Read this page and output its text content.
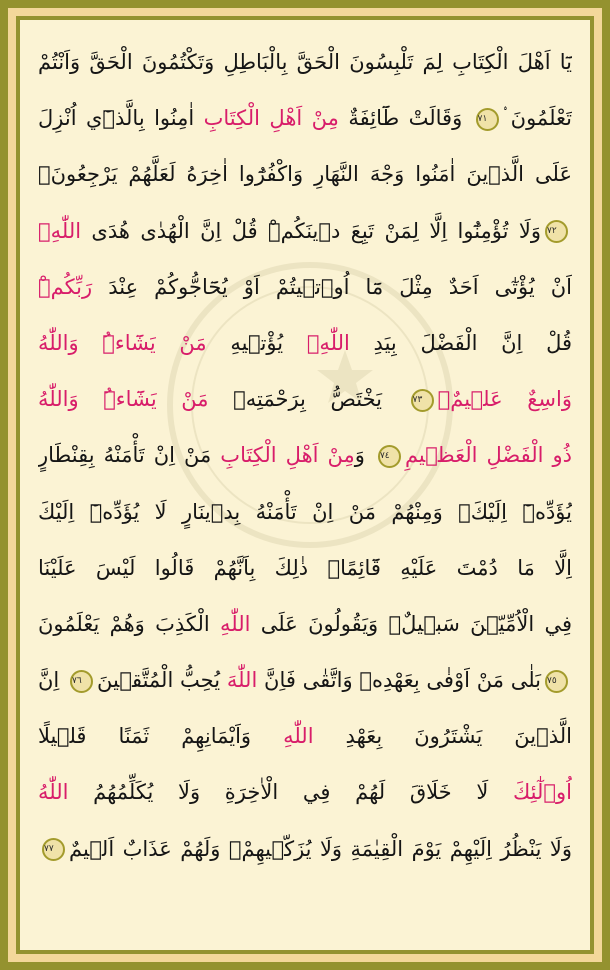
يَٓا اَهْلَ الْكِتَابِ لِمَ تَلْبِسُونَ الْحَقَّ بِالْبَاطِلِ وَتَكْتُمُونَ الْحَقَّ وَاَنْتُمْ
تَعْلَمُونَ ۟٧١ وَقَالَتْ طَٓائِفَةٌ مِنْ اَهْلِ الْكِتَابِ اٰمِنُوا بِالَّذ۪ٓي اُنْزِلَ
عَلَى الَّذ۪ينَ اٰمَنُوا وَجْهَ النَّهَارِ وَاكْفُرُٓوا اٰخِرَهُ لَعَلَّهُمْ يَرْجِعُونَۚ
٧٢وَلَا تُؤْمِنُٓوا اِلَّا لِمَنْ تَبِعَ د۪ينَكُمْۜ قُلْ اِنَّ الْهُدٰى هُدَى اللّٰهِۙ
اَنْ يُؤْتٰٓى اَحَدٌ مِثْلَ مَٓا اُو۫ت۪يتُمْ اَوْ يُحَٓاجُّوكُمْ عِنْدَ رَبِّكُمْۜ
قُلْ اِنَّ الْفَضْلَ بِيَدِ اللّٰهِۚ يُؤْت۪يهِ مَنْ يَشَٓاءُۜ وَاللّٰهُ
وَاسِعٌ عَل۪يمٌۙ٧٣ يَخْتَصُّ بِرَحْمَتِه۪ مَنْ يَشَٓاءُۜ وَاللّٰهُ
ذُو الْفَضْلِ الْعَظ۪يمِ٧٤ وَمِنْ اَهْلِ الْكِتَابِ مَنْ اِنْ تَأْمَنْهُ بِقِنْطَارٍ
يُؤَدِّه۪ٓ اِلَيْكَۚ وَمِنْهُمْ مَنْ اِنْ تَأْمَنْهُ بِد۪ينَارٍ لَا يُؤَدِّه۪ٓ اِلَيْكَ
اِلَّا مَا دُمْتَ عَلَيْهِ قَٓائِمًاۜ ذٰلِكَ بِاَنَّهُمْ قَالُوا لَيْسَ عَلَيْنَا
فِي الْاُمِّيّ۪نَ سَب۪يلٌۚ وَيَقُولُونَ عَلَى اللّٰهِ الْكَذِبَ وَهُمْ يَعْلَمُونَ
٧٥بَلٰى مَنْ اَوْفٰى بِعَهْدِه۪ وَاتَّقٰى فَاِنَّ اللّٰهَ يُحِبُّ الْمُتَّق۪ينَ٧٦ اِنَّ
الَّذ۪ينَ يَشْتَرُونَ بِعَهْدِ اللّٰهِ وَاَيْمَانِهِمْ ثَمَنًا قَل۪يلًا
اُو۬لٰٓئِكَ لَا خَلَاقَ لَهُمْ فِي الْاٰخِرَةِ وَلَا يُكَلِّمُهُمُ اللّٰهُ
وَلَا يَنْظُرُ اِلَيْهِمْ يَوْمَ الْقِيٰمَةِ وَلَا يُزَكّ۪يهِمْۖ وَلَهُمْ عَذَابٌ اَل۪يمٌ٧٧
